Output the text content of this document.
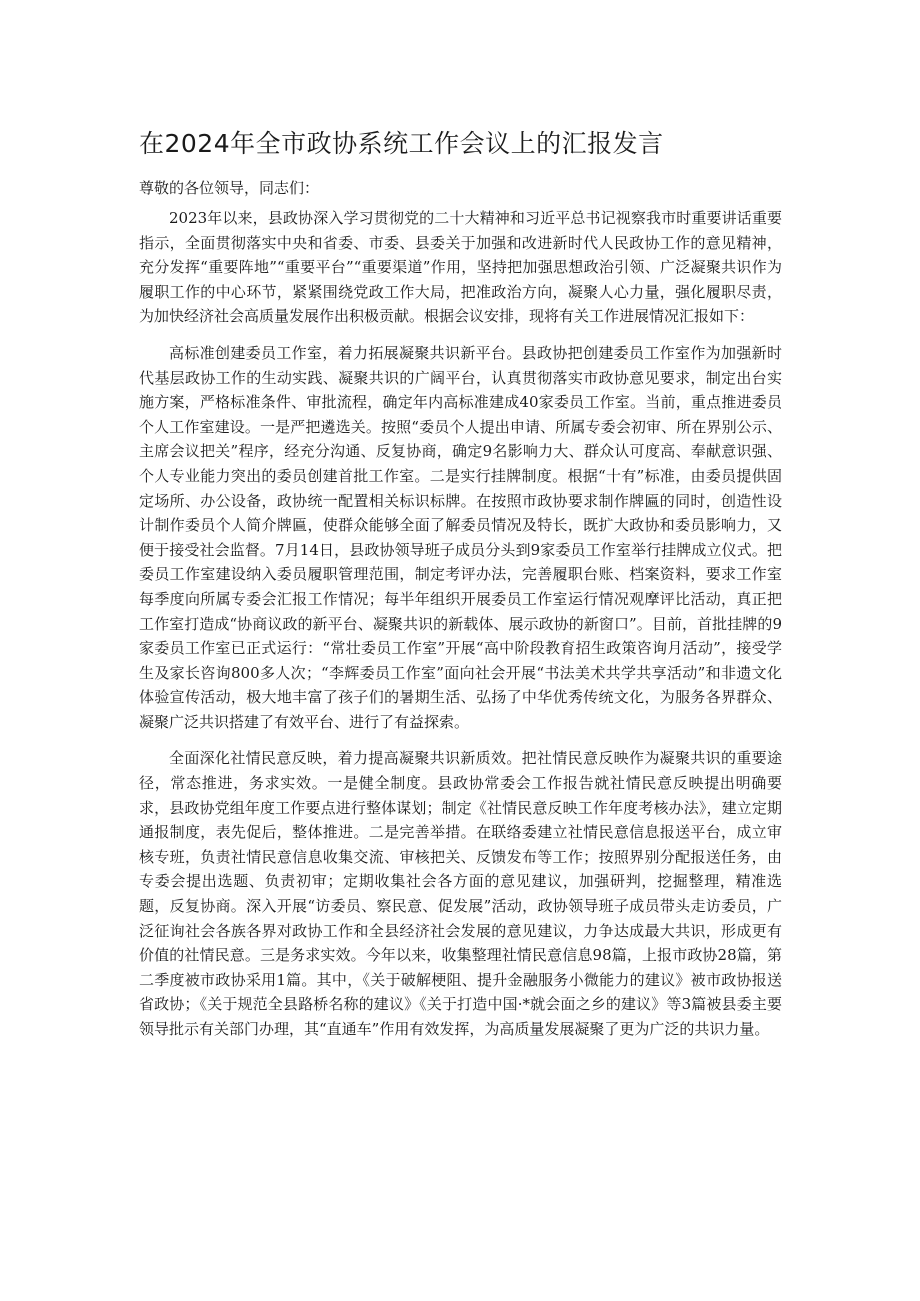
在2024年全市政协系统工作会议上的汇报发言

尊敬的各位领导，同志们：

2023年以来，县政协深入学习贯彻党的二十大精神和习近平总书记视察我市时重要讲话重要指示，全面贯彻落实中央和省委、市委、县委关于加强和改进新时代人民政协工作的意见精神，充分发挥“重要阵地”“重要平台”“重要渠道”作用，坚持把加强思想政治引领、广泛凝聚共识作为履职工作的中心环节，紧紧围绕党政工作大局，把准政治方向，凝聚人心力量，强化履职尽责，为加快经济社会高质量发展作出积极贡献。根据会议安排，现将有关工作进展情况汇报如下：

高标准创建委员工作室，着力拓展凝聚共识新平台。县政协把创建委员工作室作为加强新时代基层政协工作的生动实践、凝聚共识的广阔平台，认真贯彻落实市政协意见要求，制定出台实施方案，严格标准条件、审批流程，确定年内高标准建成40家委员工作室。当前，重点推进委员个人工作室建设。一是严把遴选关。按照“委员个人提出申请、所属专委会初审、所在界别公示、主席会议把关”程序，经充分沟通、反复协商，确定9名影响力大、群众认可度高、奉献意识强、个人专业能力突出的委员创建首批工作室。二是实行挂牌制度。根据“十有”标准，由委员提供固定场所、办公设备，政协统一配置相关标识标牌。在按照市政协要求制作牌匾的同时，创造性设计制作委员个人简介牌匾，使群众能够全面了解委员情况及特长，既扩大政协和委员影响力，又便于接受社会监督。7月14日，县政协领导班子成员分头到9家委员工作室举行挂牌成立仪式。把委员工作室建设纳入委员履职管理范围，制定考评办法，完善履职台账、档案资料，要求工作室每季度向所属专委会汇报工作情况；每半年组织开展委员工作室运行情况观摩评比活动，真正把工作室打造成“协商议政的新平台、凝聚共识的新载体、展示政协的新窗口”。目前，首批挂牌的9家委员工作室已正式运行：“常壮委员工作室”开展“高中阶段教育招生政策咨询月活动”，接受学生及家长咨询800多人次；“李辉委员工作室”面向社会开展“书法美术共学共享活动”和非遗文化体验宣传活动，极大地丰富了孩子们的暑期生活、弘扬了中华优秀传统文化，为服务各界群众、凝聚广泛共识搭建了有效平台、进行了有益探索。

全面深化社情民意反映，着力提高凝聚共识新质效。把社情民意反映作为凝聚共识的重要途径，常态推进，务求实效。一是健全制度。县政协常委会工作报告就社情民意反映提出明确要求，县政协党组年度工作要点进行整体谋划；制定《社情民意反映工作年度考核办法》，建立定期通报制度，表先促后，整体推进。二是完善举措。在联络委建立社情民意信息报送平台，成立审核专班，负责社情民意信息收集交流、审核把关、反馈发布等工作；按照界别分配报送任务，由专委会提出选题、负责初审；定期收集社会各方面的意见建议，加强研判，挖掘整理，精准选题，反复协商。深入开展“访委员、察民意、促发展”活动，政协领导班子成员带头走访委员，广泛征询社会各族各界对政协工作和全县经济社会发展的意见建议，力争达成最大共识，形成更有价值的社情民意。三是务求实效。今年以来，收集整理社情民意信息98篇，上报市政协28篇，第二季度被市政协采用1篇。其中，《关于破解梗阻、提升金融服务小微能力的建议》被市政协报送省政协；《关于规范全县路桥名称的建议》《关于打造中国·*就会面之乡的建议》等3篇被县委主要领导批示有关部门办理，其“直通车”作用有效发挥，为高质量发展凝聚了更为广泛的共识力量。
